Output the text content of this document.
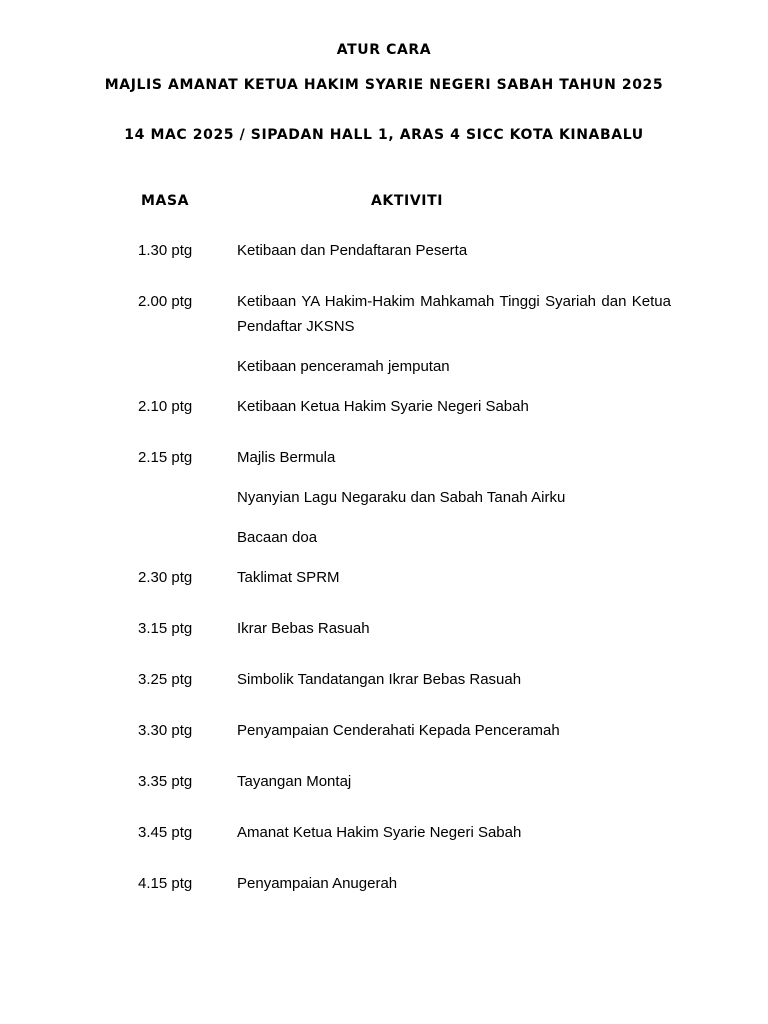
ATUR CARA
MAJLIS AMANAT KETUA HAKIM SYARIE NEGERI SABAH TAHUN 2025
14 MAC 2025 / SIPADAN HALL 1, ARAS 4 SICC KOTA KINABALU
MASA	AKTIVITI
1.30 ptg	Ketibaan dan Pendaftaran Peserta

2.00 ptg	Ketibaan YA Hakim-Hakim Mahkamah Tinggi Syariah dan Ketua Pendaftar JKSNS

Ketibaan penceramah jemputan

2.10 ptg	Ketibaan Ketua Hakim Syarie Negeri Sabah

2.15 ptg	Majlis Bermula

Nyanyian Lagu Negaraku dan Sabah Tanah Airku

Bacaan doa

2.30 ptg	Taklimat SPRM

3.15 ptg	Ikrar Bebas Rasuah

3.25 ptg	Simbolik Tandatangan Ikrar Bebas Rasuah

3.30 ptg	Penyampaian Cenderahati Kepada Penceramah

3.35 ptg	Tayangan Montaj

3.45 ptg	Amanat Ketua Hakim Syarie Negeri Sabah

4.15 ptg	Penyampaian Anugerah
